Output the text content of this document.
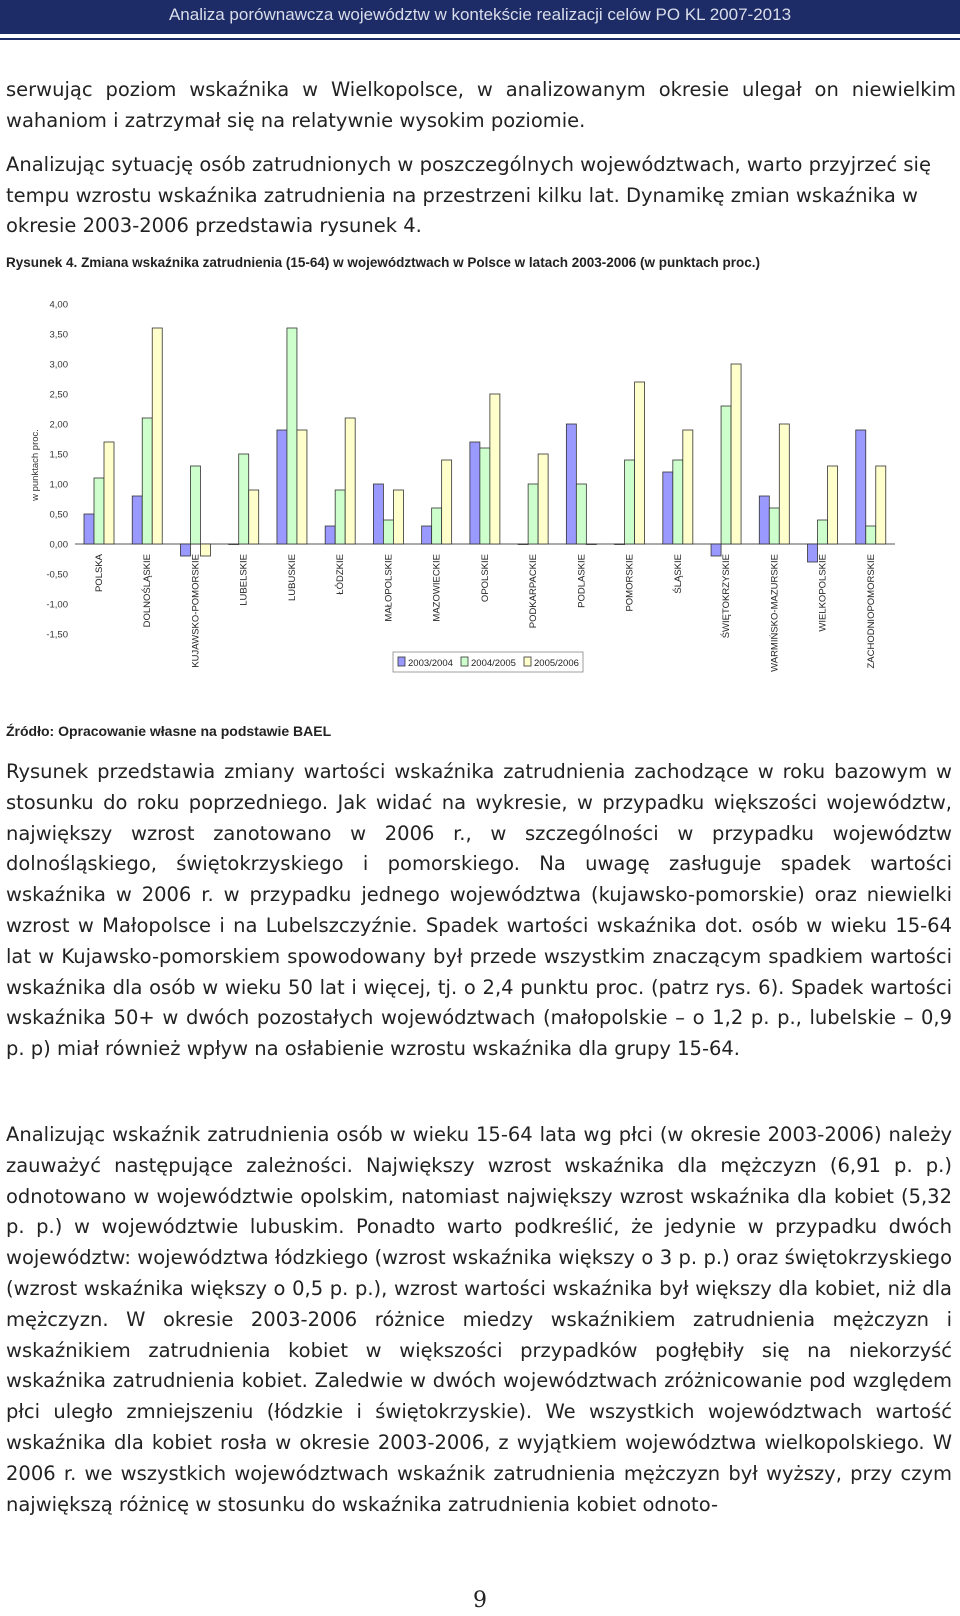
Analiza porównawcza województw w kontekście realizacji celów PO KL 2007-2013

serwując poziom wskaźnika w Wielkopolsce, w analizowanym okresie ulegał on niewielkim wahaniom i zatrzymał się na relatywnie wysokim poziomie.

Analizując sytuację osób zatrudnionych w poszczególnych województwach, warto przyjrzeć się tempu wzrostu wskaźnika zatrudnienia na przestrzeni kilku lat. Dynamikę zmian wskaźnika w okresie 2003-2006 przedstawia rysunek 4.

Rysunek 4. Zmiana wskaźnika zatrudnienia (15-64) w województwach w Polsce w latach 2003-2006 (w punktach proc.)
4,00
3,50
3,00
2,50
2,00
1,50
1,00
0,50
0,00
-0,50
-1,00
-1,50
w punktach proc.
POLSKA	DOLNOŚLĄSKIE	KUJAWSKO-POMORSKIE	LUBELSKIE	LUBUSKIE	ŁÓDZKIE	MAŁOPOLSKIE	MAZOWIECKIE	OPOLSKIE	PODKARPACKIE	PODLASKIE	POMORSKIE	ŚLĄSKIE	ŚWIĘTOKRZYSKIE	WARMIŃSKO-MAZURSKIE	WIELKOPOLSKIE	ZACHODNIOPOMORSKIE
2003/2004 2004/2005 2005/2006
Źródło: Opracowanie własne na podstawie BAEL

Rysunek przedstawia zmiany wartości wskaźnika zatrudnienia zachodzące w roku bazowym w stosunku do roku poprzedniego. Jak widać na wykresie, w przypadku większości województw, największy wzrost zanotowano w 2006 r., w szczególności w przypadku województw dolnośląskiego, świętokrzyskiego i pomorskiego. Na uwagę zasługuje spadek wartości wskaźnika w 2006 r. w przypadku jednego województwa (kujawsko-pomorskie) oraz niewielki wzrost w Małopolsce i na Lubelszczyźnie. Spadek wartości wskaźnika dot. osób w wieku 15-64 lat w Kujawsko-pomorskiem spowodowany był przede wszystkim znaczącym spadkiem wartości wskaźnika dla osób w wieku 50 lat i więcej, tj. o 2,4 punktu proc. (patrz rys. 6). Spadek wartości wskaźnika 50+ w dwóch pozostałych województwach (małopolskie – o 1,2 p. p., lubelskie – 0,9 p. p) miał również wpływ na osłabienie wzrostu wskaźnika dla grupy 15-64.

Analizując wskaźnik zatrudnienia osób w wieku 15-64 lata wg płci (w okresie 2003-2006) należy zauważyć następujące zależności. Największy wzrost wskaźnika dla mężczyzn (6,91 p. p.) odnotowano w województwie opolskim, natomiast największy wzrost wskaźnika dla kobiet (5,32 p. p.) w województwie lubuskim. Ponadto warto podkreślić, że jedynie w przypadku dwóch województw: województwa łódzkiego (wzrost wskaźnika większy o 3 p. p.) oraz świętokrzyskiego (wzrost wskaźnika większy o 0,5 p. p.), wzrost wartości wskaźnika był większy dla kobiet, niż dla mężczyzn. W okresie 2003-2006 różnice miedzy wskaźnikiem zatrudnienia mężczyzn i wskaźnikiem zatrudnienia kobiet w większości przypadków pogłębiły się na niekorzyść wskaźnika zatrudnienia kobiet. Zaledwie w dwóch województwach zróżnicowanie pod względem płci uległo zmniejszeniu (łódzkie i świętokrzyskie). We wszystkich województwach wartość wskaźnika dla kobiet rosła w okresie 2003-2006, z wyjątkiem województwa wielkopolskiego. W 2006 r. we wszystkich województwach wskaźnik zatrudnienia mężczyzn był wyższy, przy czym największą różnicę w stosunku do wskaźnika zatrudnienia kobiet odnoto-

9
